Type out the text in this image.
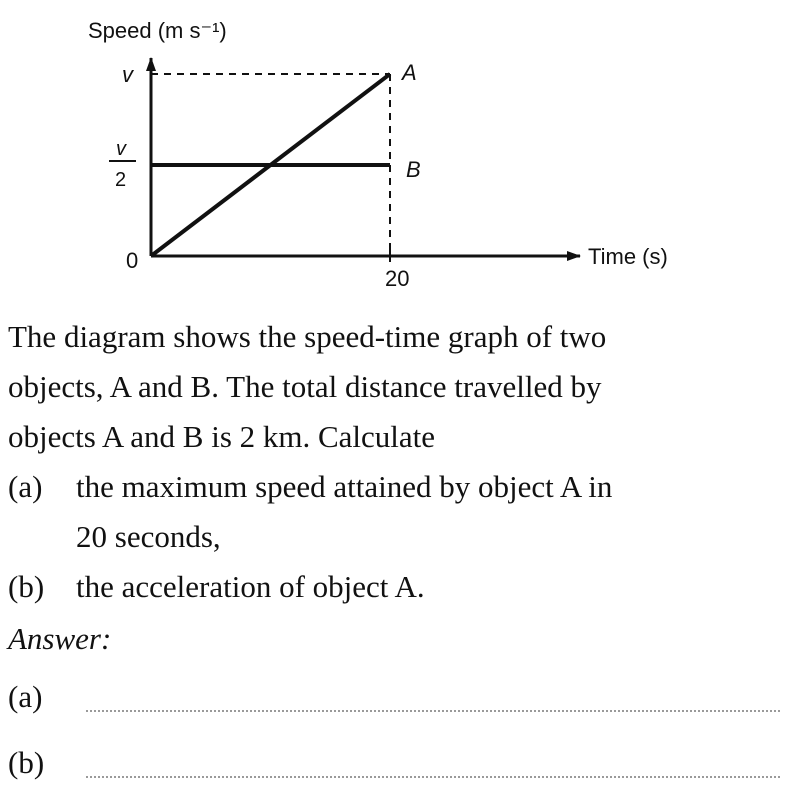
Speed (m s⁻¹)
Time (s)
v
v
2
0
20
A
B
The diagram shows the speed-time graph of two
objects, A and B. The total distance travelled by
objects A and B is 2 km. Calculate
(a) the maximum speed attained by object A in
20 seconds,
(b) the acceleration of object A.
Answer:
(a)
(b)
